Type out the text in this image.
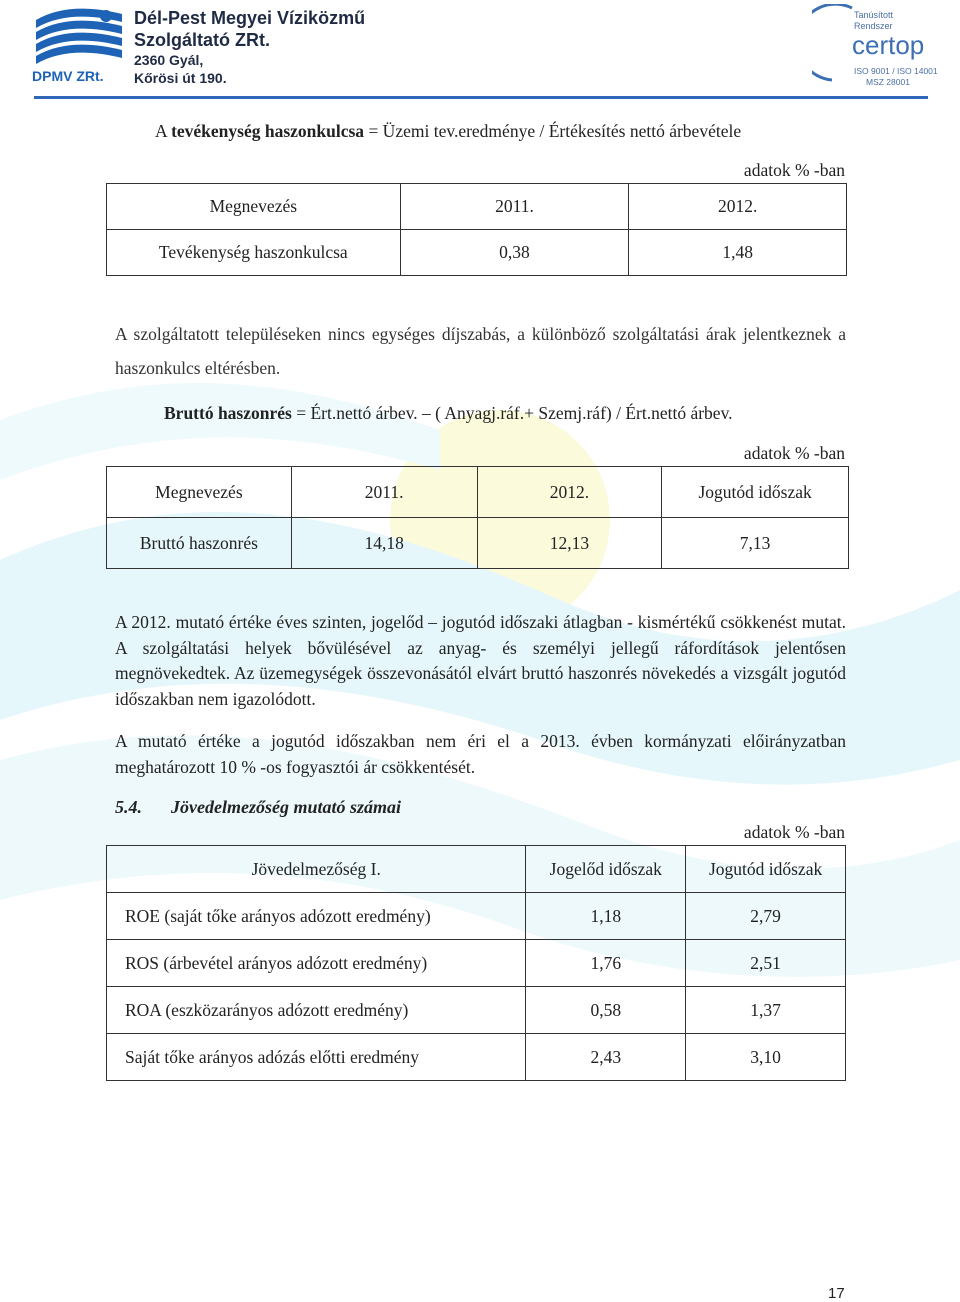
DPMV ZRt.
Dél-Pest Megyei Víziközmű
Szolgáltató ZRt.
2360 Gyál,
Kőrösi út 190.
Tanúsított
Rendszer
certop
ISO 9001 / ISO 14001
MSZ 28001
A tevékenység haszonkulcsa = Üzemi tev.eredménye / Értékesítés nettó árbevétele
adatok % -ban
Megnevezés	2011.	2012.
Tevékenység haszonkulcsa	0,38	1,48
A szolgáltatott településeken nincs egységes díjszabás, a különböző szolgáltatási árak jelentkeznek a haszonkulcs eltérésben.
Bruttó haszonrés = Ért.nettó árbev. – ( Anyagj.ráf.+ Szemj.ráf) / Ért.nettó árbev.
adatok % -ban
Megnevezés	2011.	2012.	Jogutód időszak
Bruttó haszonrés	14,18	12,13	7,13
A 2012. mutató értéke éves szinten, jogelőd – jogutód időszaki átlagban - kismértékű csökkenést mutat. A szolgáltatási helyek bővülésével az anyag- és személyi jellegű ráfordítások jelentősen megnövekedtek. Az üzemegységek összevonásától elvárt bruttó haszonrés növekedés a vizsgált jogutód időszakban nem igazolódott.
A mutató értéke a jogutód időszakban nem éri el a 2013. évben kormányzati előirányzatban meghatározott 10 % -os fogyasztói ár csökkentését.
5.4. Jövedelmezőség mutató számai
adatok % -ban
Jövedelmezőség I.	Jogelőd időszak	Jogutód időszak
ROE (saját tőke arányos adózott eredmény)	1,18	2,79
ROS (árbevétel arányos adózott eredmény)	1,76	2,51
ROA (eszközarányos adózott eredmény)	0,58	1,37
Saját tőke arányos adózás előtti eredmény	2,43	3,10
17
